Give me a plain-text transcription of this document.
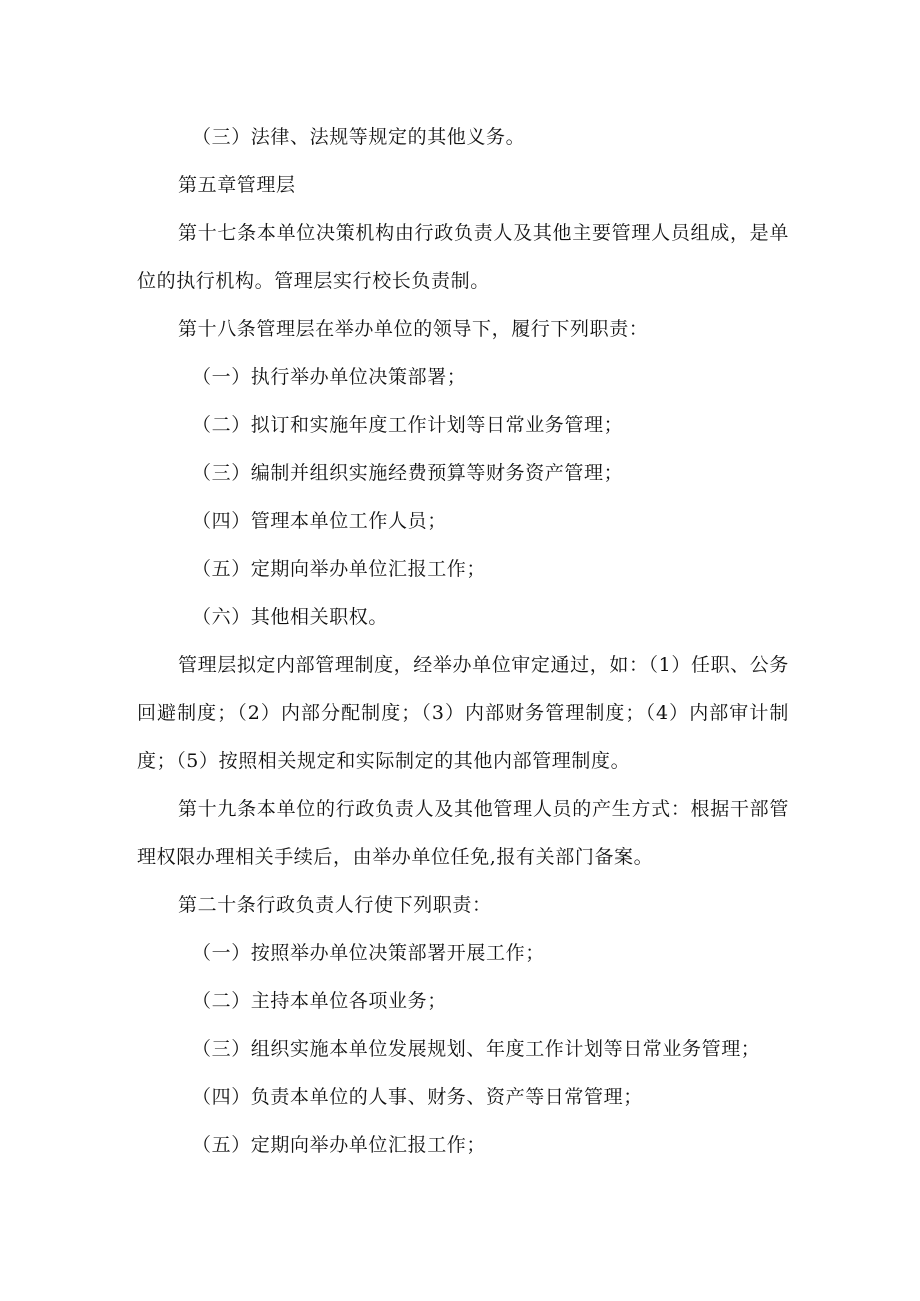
（三）法律、法规等规定的其他义务。

第五章管理层

第十七条本单位决策机构由行政负责人及其他主要管理人员组成，是单位的执行机构。管理层实行校长负责制。

第十八条管理层在举办单位的领导下，履行下列职责：

（一）执行举办单位决策部署；

（二）拟订和实施年度工作计划等日常业务管理；

（三）编制并组织实施经费预算等财务资产管理；

（四）管理本单位工作人员；

（五）定期向举办单位汇报工作；

（六）其他相关职权。

管理层拟定内部管理制度，经举办单位审定通过，如：（1）任职、公务回避制度；（2）内部分配制度；（3）内部财务管理制度；（4）内部审计制度；（5）按照相关规定和实际制定的其他内部管理制度。

第十九条本单位的行政负责人及其他管理人员的产生方式：根据干部管理权限办理相关手续后，由举办单位任免,报有关部门备案。

第二十条行政负责人行使下列职责：

（一）按照举办单位决策部署开展工作；

（二）主持本单位各项业务；

（三）组织实施本单位发展规划、年度工作计划等日常业务管理；

（四）负责本单位的人事、财务、资产等日常管理；

（五）定期向举办单位汇报工作；
